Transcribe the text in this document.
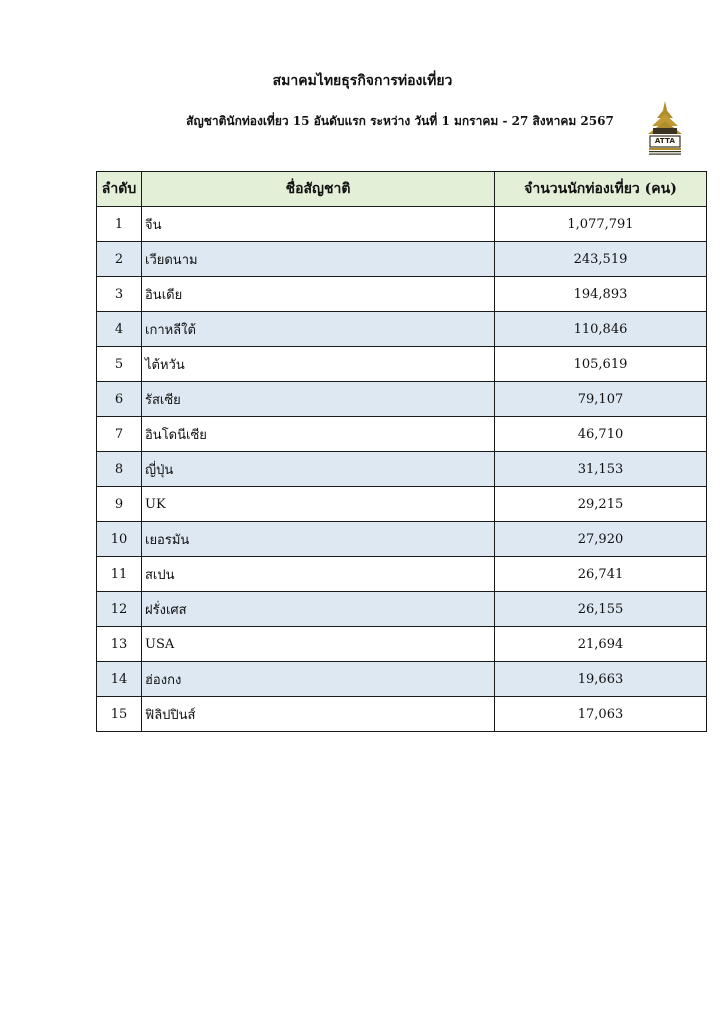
สมาคมไทยธุรกิจการท่องเที่ยว
สัญชาตินักท่องเที่ยว 15 อันดับแรก ระหว่าง วันที่ 1 มกราคม - 27 สิงหาคม 2567
ATTA
ลำดับ	ชื่อสัญชาติ	จำนวนนักท่องเที่ยว (คน)
1	จีน	1,077,791
2	เวียดนาม	243,519
3	อินเดีย	194,893
4	เกาหลีใต้	110,846
5	ไต้หวัน	105,619
6	รัสเซีย	79,107
7	อินโดนีเซีย	46,710
8	ญี่ปุ่น	31,153
9	UK	29,215
10	เยอรมัน	27,920
11	สเปน	26,741
12	ฝรั่งเศส	26,155
13	USA	21,694
14	ฮ่องกง	19,663
15	ฟิลิปปินส์	17,063
